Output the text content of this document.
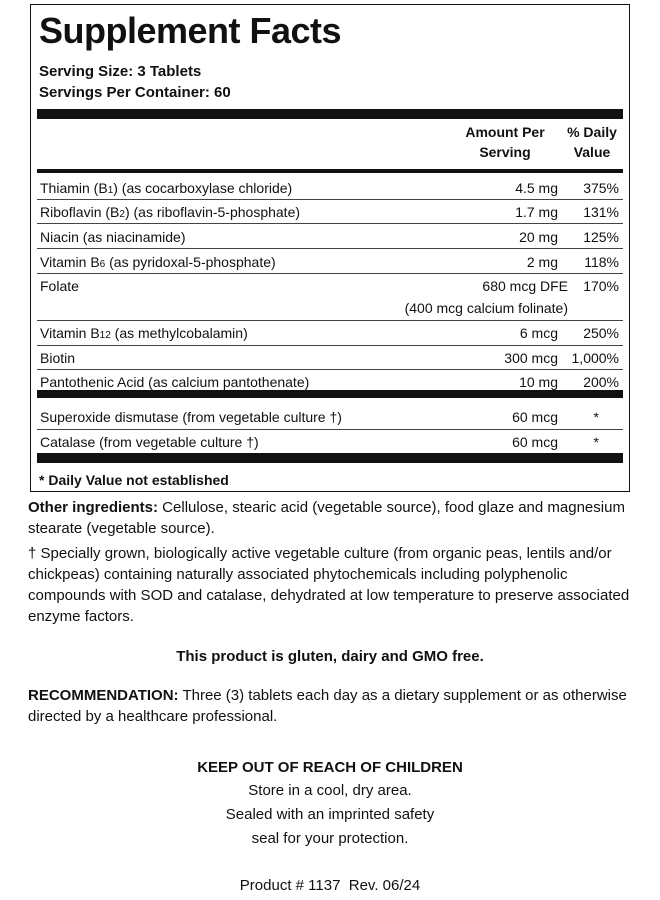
Supplement Facts
Serving Size: 3 Tablets
Servings Per Container: 60
Amount Per
Serving
% Daily
Value
Thiamin (B1) (as cocarboxylase chloride)	4.5 mg 375%
Riboflavin (B2) (as riboflavin-5-phosphate)	1.7 mg 131%
Niacin (as niacinamide)	20 mg 125%
Vitamin B6 (as pyridoxal-5-phosphate)	2 mg 118%
Folate	680 mcg DFE 170%
(400 mcg calcium folinate)
Vitamin B12 (as methylcobalamin)	6 mcg 250%
Biotin	300 mcg 1,000%
Pantothenic Acid (as calcium pantothenate)	10 mg 200%
Superoxide dismutase (from vegetable culture †)	60 mcg	*
Catalase (from vegetable culture †)	60 mcg	*
* Daily Value not established
Other ingredients: Cellulose, stearic acid (vegetable source), food glaze and magnesium stearate (vegetable source).
† Specially grown, biologically active vegetable culture (from organic peas, lentils and/or chickpeas) containing naturally associated phytochemicals including polyphenolic compounds with SOD and catalase, dehydrated at low temperature to preserve associated enzyme factors.
This product is gluten, dairy and GMO free.
RECOMMENDATION: Three (3) tablets each day as a dietary supplement or as otherwise directed by a healthcare professional.
KEEP OUT OF REACH OF CHILDREN
Store in a cool, dry area.
Sealed with an imprinted safety
seal for your protection.
Product # 1137  Rev. 06/24
